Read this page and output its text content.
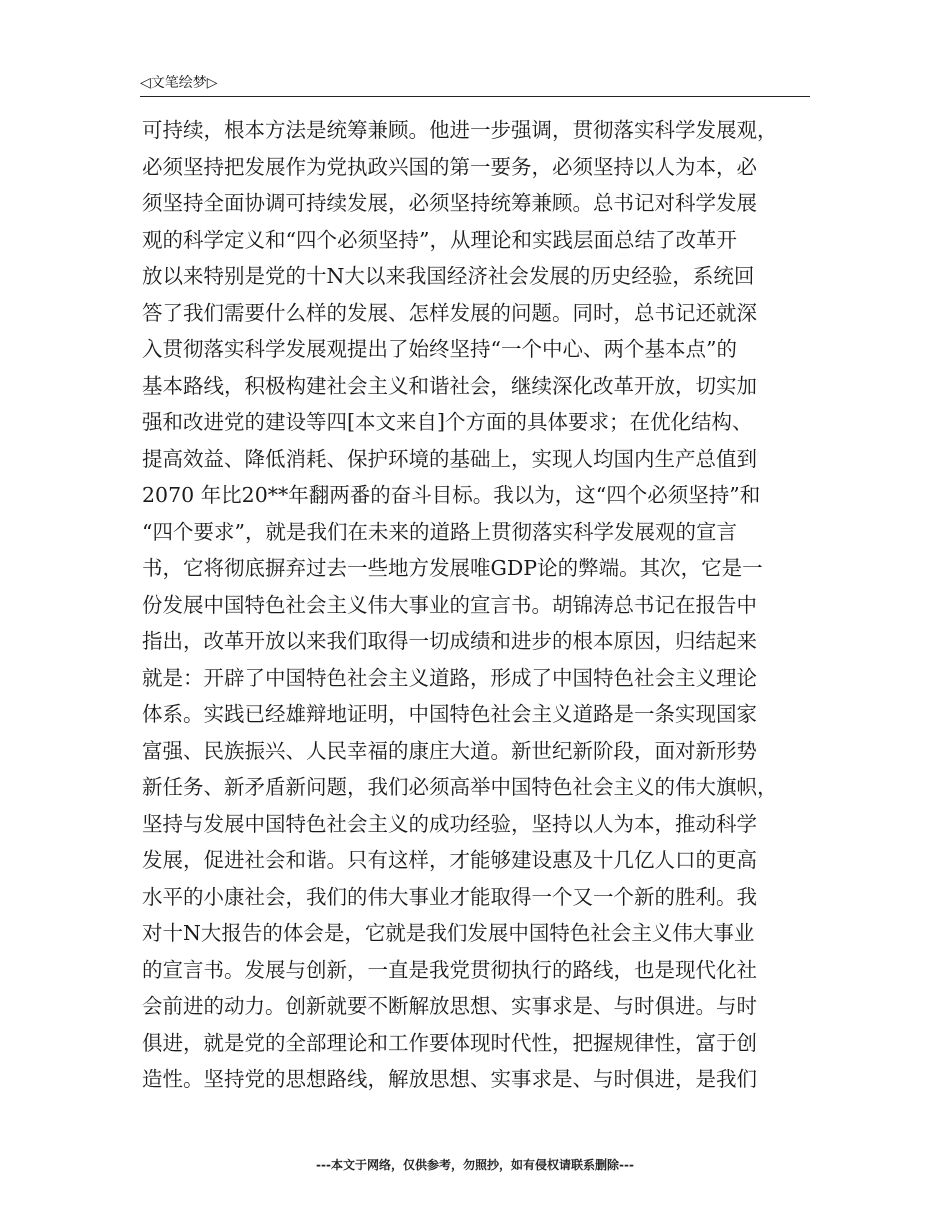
◁文笔绘梦▷
可持续，根本方法是统筹兼顾。他进一步强调，贯彻落实科学发展观，
必须坚持把发展作为党执政兴国的第一要务，必须坚持以人为本，必
须坚持全面协调可持续发展，必须坚持统筹兼顾。总书记对科学发展
观的科学定义和“四个必须坚持”，从理论和实践层面总结了改革开
放以来特别是党的十N大以来我国经济社会发展的历史经验，系统回
答了我们需要什么样的发展、怎样发展的问题。同时，总书记还就深
入贯彻落实科学发展观提出了始终坚持“一个中心、两个基本点”的
基本路线，积极构建社会主义和谐社会，继续深化改革开放，切实加
强和改进党的建设等四[本文来自]个方面的具体要求；在优化结构、
提高效益、降低消耗、保护环境的基础上，实现人均国内生产总值到
2070 年比20**年翻两番的奋斗目标。我以为，这“四个必须坚持”和
“四个要求”，就是我们在未来的道路上贯彻落实科学发展观的宣言
书，它将彻底摒弃过去一些地方发展唯GDP论的弊端。其次，它是一
份发展中国特色社会主义伟大事业的宣言书。胡锦涛总书记在报告中
指出，改革开放以来我们取得一切成绩和进步的根本原因，归结起来
就是：开辟了中国特色社会主义道路，形成了中国特色社会主义理论
体系。实践已经雄辩地证明，中国特色社会主义道路是一条实现国家
富强、民族振兴、人民幸福的康庄大道。新世纪新阶段，面对新形势
新任务、新矛盾新问题，我们必须高举中国特色社会主义的伟大旗帜，
坚持与发展中国特色社会主义的成功经验，坚持以人为本，推动科学
发展，促进社会和谐。只有这样，才能够建设惠及十几亿人口的更高
水平的小康社会，我们的伟大事业才能取得一个又一个新的胜利。我
对十N大报告的体会是，它就是我们发展中国特色社会主义伟大事业
的宣言书。发展与创新，一直是我党贯彻执行的路线，也是现代化社
会前进的动力。创新就要不断解放思想、实事求是、与时俱进。与时
俱进，就是党的全部理论和工作要体现时代性，把握规律性，富于创
造性。坚持党的思想路线，解放思想、实事求是、与时俱进，是我们
---本文于网络，仅供参考，勿照抄，如有侵权请联系删除---
